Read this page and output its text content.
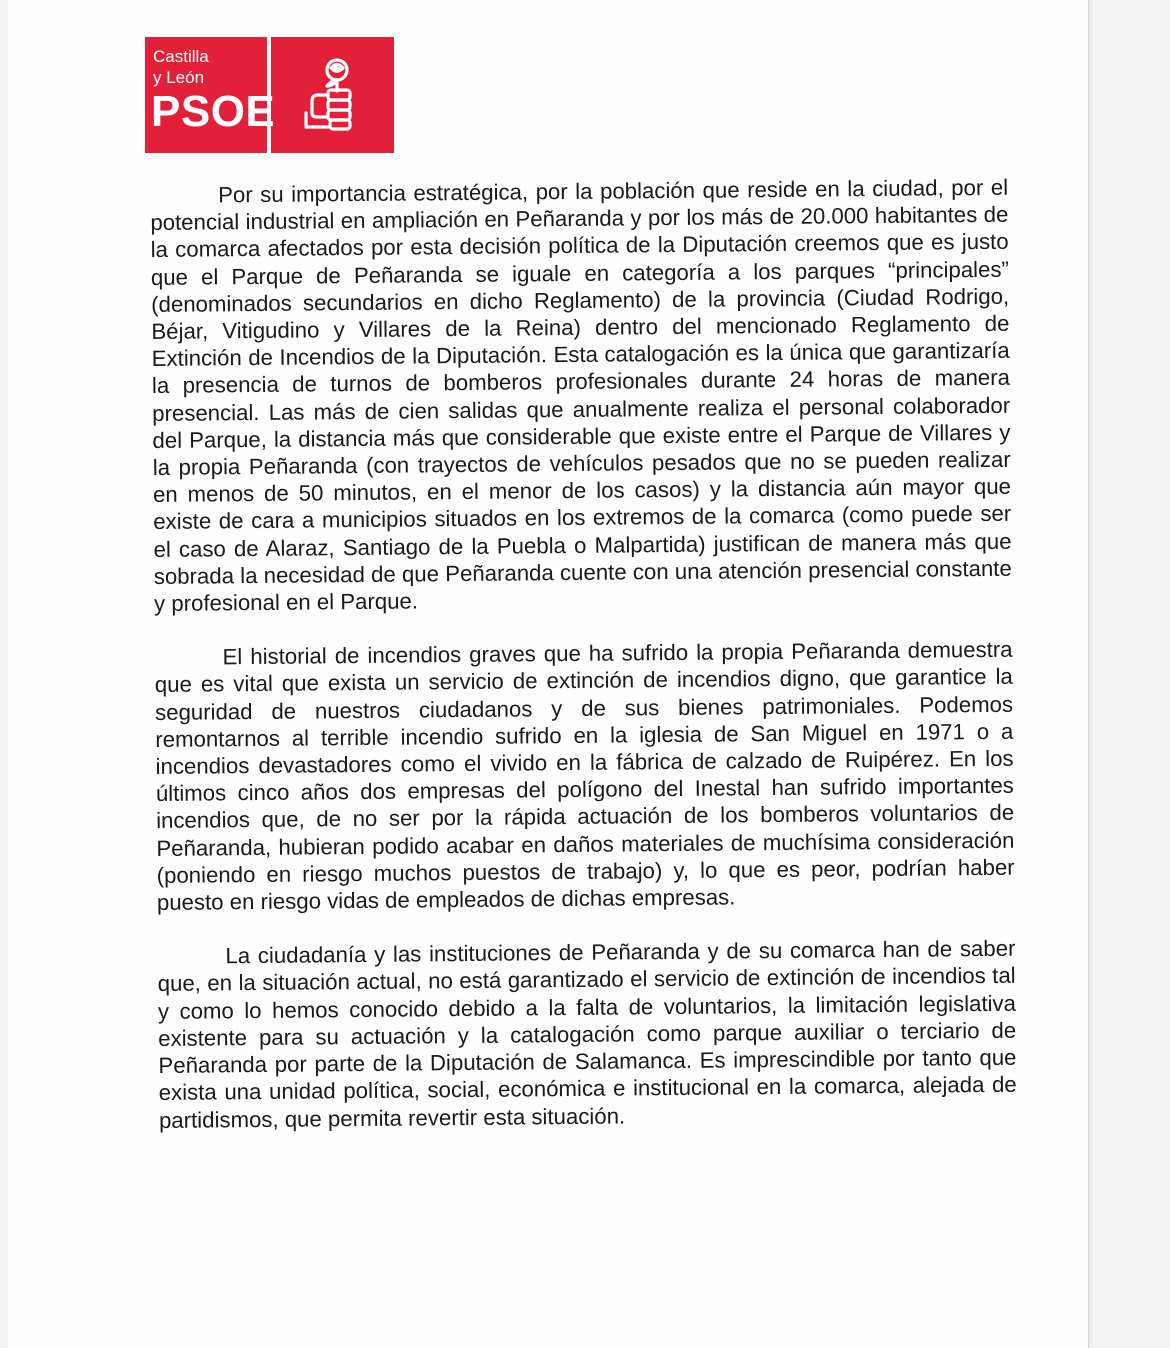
Castilla
y León
PSOE

Por su importancia estratégica, por la población que reside en la ciudad, por el potencial industrial en ampliación en Peñaranda y por los más de 20.000 habitantes de la comarca afectados por esta decisión política de la Diputación creemos que es justo que el Parque de Peñaranda se iguale en categoría a los parques “principales” (denominados secundarios en dicho Reglamento) de la provincia (Ciudad Rodrigo, Béjar, Vitigudino y Villares de la Reina) dentro del mencionado Reglamento de Extinción de Incendios de la Diputación. Esta catalogación es la única que garantizaría la presencia de turnos de bomberos profesionales durante 24 horas de manera presencial. Las más de cien salidas que anualmente realiza el personal colaborador del Parque, la distancia más que considerable que existe entre el Parque de Villares y la propia Peñaranda (con trayectos de vehículos pesados que no se pueden realizar en menos de 50 minutos, en el menor de los casos) y la distancia aún mayor que existe de cara a municipios situados en los extremos de la comarca (como puede ser el caso de Alaraz, Santiago de la Puebla o Malpartida) justifican de manera más que sobrada la necesidad de que Peñaranda cuente con una atención presencial constante y profesional en el Parque.

El historial de incendios graves que ha sufrido la propia Peñaranda demuestra que es vital que exista un servicio de extinción de incendios digno, que garantice la seguridad de nuestros ciudadanos y de sus bienes patrimoniales. Podemos remontarnos al terrible incendio sufrido en la iglesia de San Miguel en 1971 o a incendios devastadores como el vivido en la fábrica de calzado de Ruipérez. En los últimos cinco años dos empresas del polígono del Inestal han sufrido importantes incendios que, de no ser por la rápida actuación de los bomberos voluntarios de Peñaranda, hubieran podido acabar en daños materiales de muchísima consideración (poniendo en riesgo muchos puestos de trabajo) y, lo que es peor, podrían haber puesto en riesgo vidas de empleados de dichas empresas.

La ciudadanía y las instituciones de Peñaranda y de su comarca han de saber que, en la situación actual, no está garantizado el servicio de extinción de incendios tal y como lo hemos conocido debido a la falta de voluntarios, la limitación legislativa existente para su actuación y la catalogación como parque auxiliar o terciario de Peñaranda por parte de la Diputación de Salamanca. Es imprescindible por tanto que exista una unidad política, social, económica e institucional en la comarca, alejada de partidismos, que permita revertir esta situación.
